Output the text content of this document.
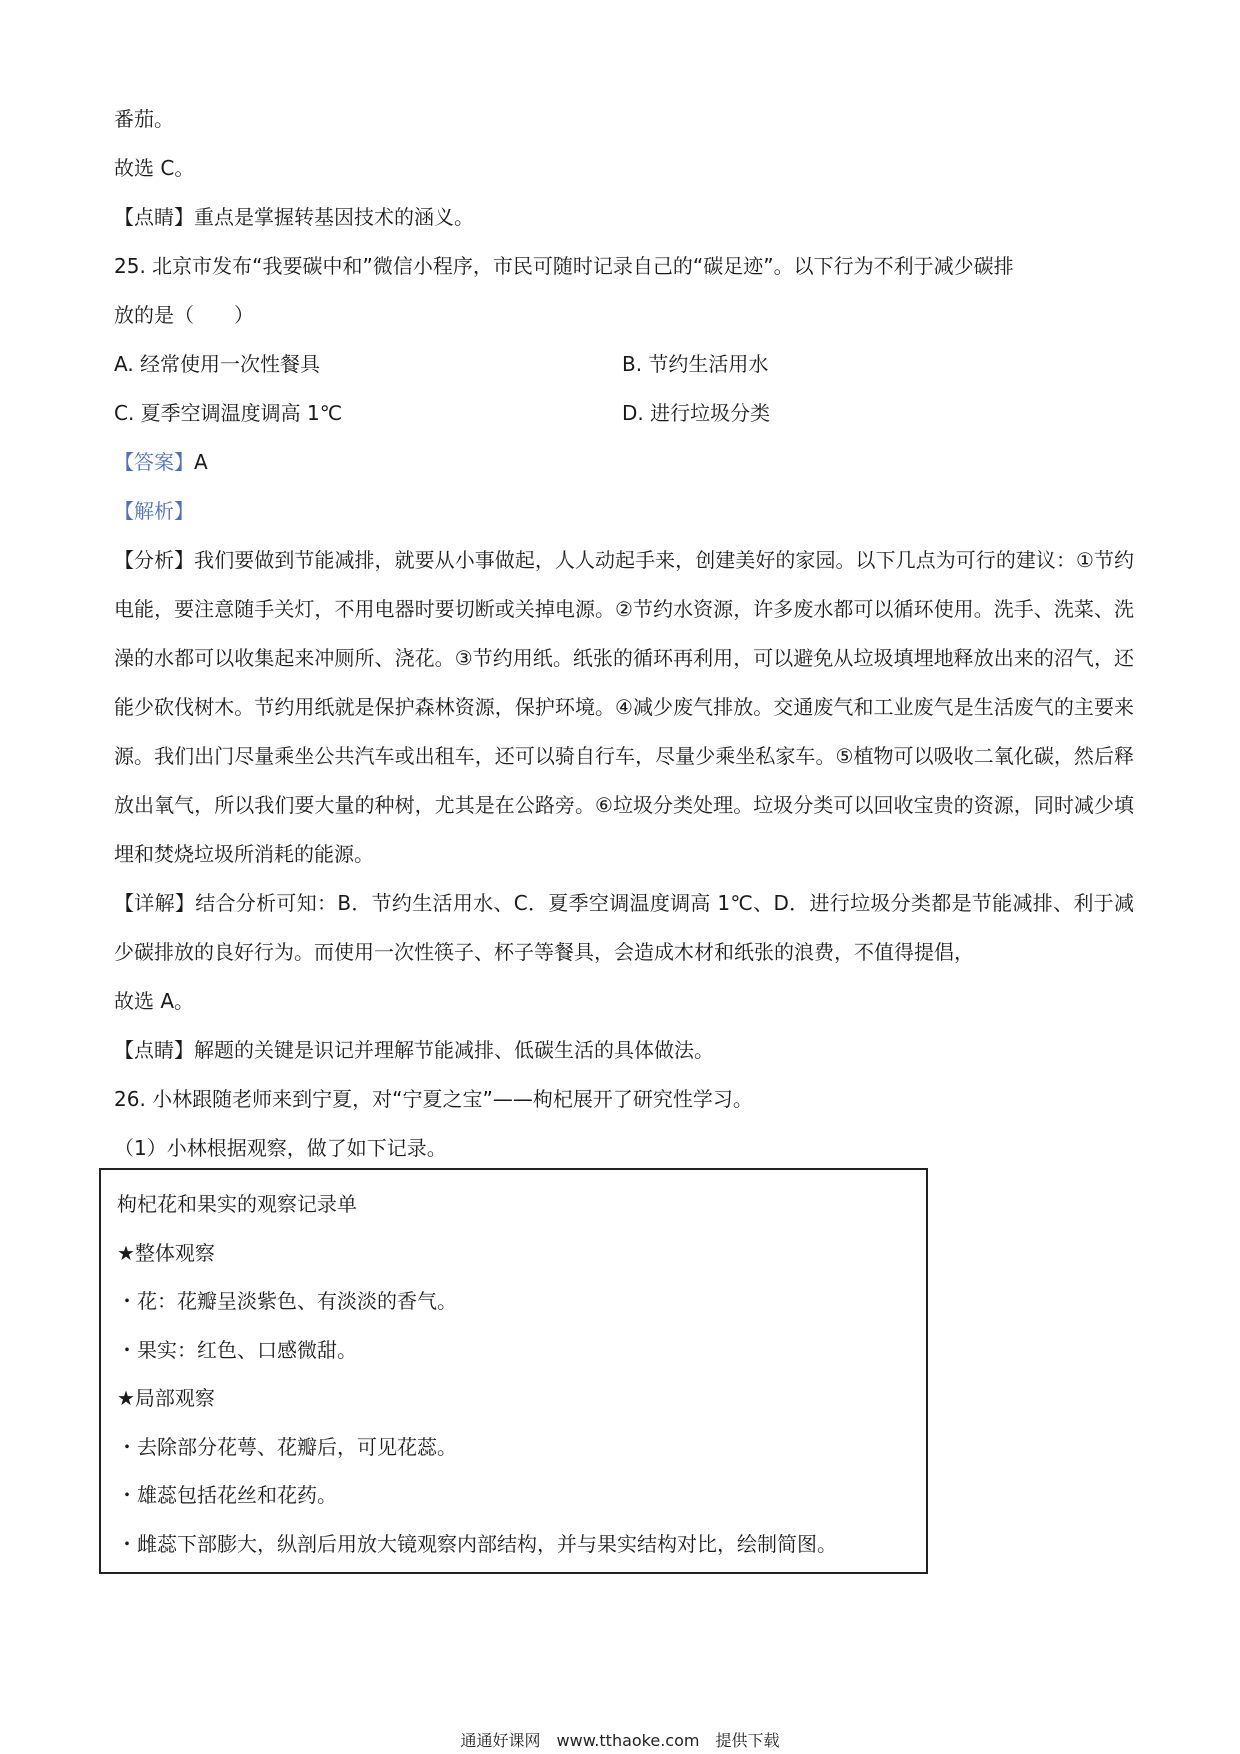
番茄。
故选 C。
【点睛】重点是掌握转基因技术的涵义。
25. 北京市发布“我要碳中和”微信小程序，市民可随时记录自己的“碳足迹”。以下行为不利于减少碳排
放的是（　　）
A. 经常使用一次性餐具	B. 节约生活用水
C. 夏季空调温度调高 1℃	D. 进行垃圾分类
【答案】A
【解析】
【分析】我们要做到节能减排，就要从小事做起，人人动起手来，创建美好的家园。以下几点为可行的建议：①节约电能，要注意随手关灯，不用电器时要切断或关掉电源。②节约水资源，许多废水都可以循环使用。洗手、洗菜、洗澡的水都可以收集起来冲厕所、浇花。③节约用纸。纸张的循环再利用，可以避免从垃圾填埋地释放出来的沼气，还能少砍伐树木。节约用纸就是保护森林资源，保护环境。④减少废气排放。交通废气和工业废气是生活废气的主要来源。我们出门尽量乘坐公共汽车或出租车，还可以骑自行车，尽量少乘坐私家车。⑤植物可以吸收二氧化碳，然后释放出氧气，所以我们要大量的种树，尤其是在公路旁。⑥垃圾分类处理。垃圾分类可以回收宝贵的资源，同时减少填埋和焚烧垃圾所消耗的能源。
【详解】结合分析可知：B．节约生活用水、C．夏季空调温度调高 1℃、D．进行垃圾分类都是节能减排、利于减少碳排放的良好行为。而使用一次性筷子、杯子等餐具，会造成木材和纸张的浪费，不值得提倡，
故选 A。
【点睛】解题的关键是识记并理解节能减排、低碳生活的具体做法。
26. 小林跟随老师来到宁夏，对“宁夏之宝”——枸杞展开了研究性学习。
（1）小林根据观察，做了如下记录。
枸杞花和果实的观察记录单
★整体观察
・花：花瓣呈淡紫色、有淡淡的香气。
・果实：红色、口感微甜。
★局部观察
・去除部分花萼、花瓣后，可见花蕊。
・雄蕊包括花丝和花药。
・雌蕊下部膨大，纵剖后用放大镜观察内部结构，并与果实结构对比，绘制简图。
通通好课网　www.tthaoke.com　提供下载
